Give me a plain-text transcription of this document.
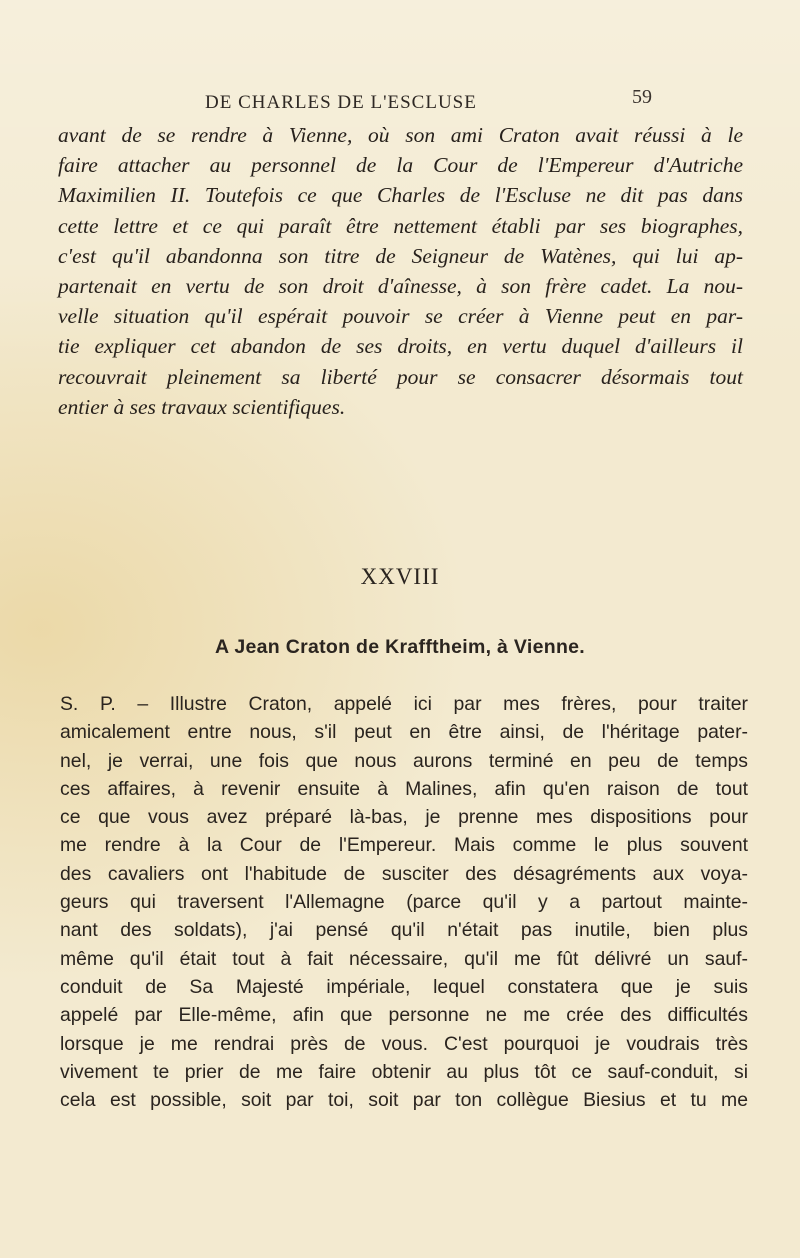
DE CHARLES DE L'ESCLUSE	59
avant de se rendre à Vienne, où son ami Craton avait réussi à le
faire attacher au personnel de la Cour de l'Empereur d'Autriche
Maximilien II. Toutefois ce que Charles de l'Escluse ne dit pas dans
cette lettre et ce qui paraît être nettement établi par ses biographes,
c'est qu'il abandonna son titre de Seigneur de Watènes, qui lui ap-
partenait en vertu de son droit d'aînesse, à son frère cadet. La nou-
velle situation qu'il espérait pouvoir se créer à Vienne peut en par-
tie expliquer cet abandon de ses droits, en vertu duquel d'ailleurs il
recouvrait pleinement sa liberté pour se consacrer désormais tout
entier à ses travaux scientifiques.
XXVIII
A Jean Craton de Krafftheim, à Vienne.
S. P. – Illustre Craton, appelé ici par mes frères, pour traiter
amicalement entre nous, s'il peut en être ainsi, de l'héritage pater-
nel, je verrai, une fois que nous aurons terminé en peu de temps
ces affaires, à revenir ensuite à Malines, afin qu'en raison de tout
ce que vous avez préparé là-bas, je prenne mes dispositions pour
me rendre à la Cour de l'Empereur. Mais comme le plus souvent
des cavaliers ont l'habitude de susciter des désagréments aux voya-
geurs qui traversent l'Allemagne (parce qu'il y a partout mainte-
nant des soldats), j'ai pensé qu'il n'était pas inutile, bien plus
même qu'il était tout à fait nécessaire, qu'il me fût délivré un sauf-
conduit de Sa Majesté impériale, lequel constatera que je suis
appelé par Elle-même, afin que personne ne me crée des difficultés
lorsque je me rendrai près de vous. C'est pourquoi je voudrais très
vivement te prier de me faire obtenir au plus tôt ce sauf-conduit, si
cela est possible, soit par toi, soit par ton collègue Biesius et tu me
